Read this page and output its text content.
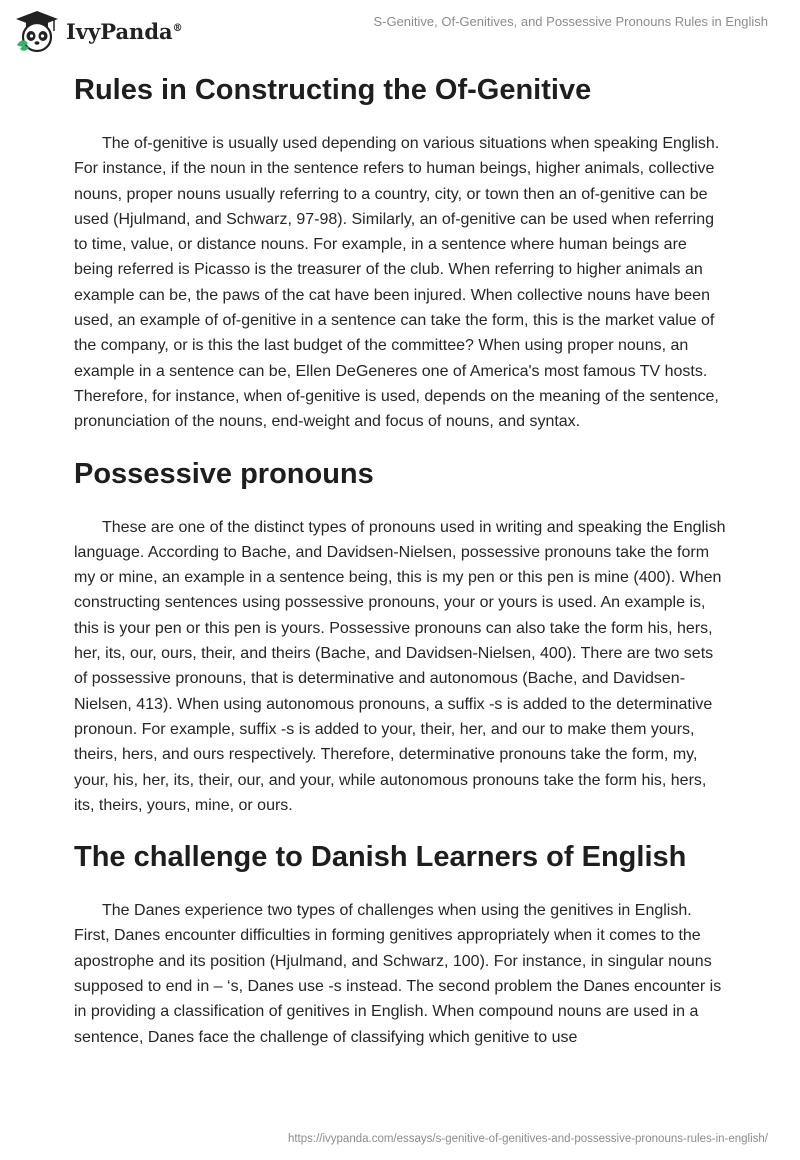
IvyPanda®	S-Genitive, Of-Genitives, and Possessive Pronouns Rules in English
Rules in Constructing the Of-Genitive

The of-genitive is usually used depending on various situations when speaking English. For instance, if the noun in the sentence refers to human beings, higher animals, collective nouns, proper nouns usually referring to a country, city, or town then an of-genitive can be used (Hjulmand, and Schwarz, 97-98). Similarly, an of-genitive can be used when referring to time, value, or distance nouns. For example, in a sentence where human beings are being referred is Picasso is the treasurer of the club. When referring to higher animals an example can be, the paws of the cat have been injured. When collective nouns have been used, an example of of-genitive in a sentence can take the form, this is the market value of the company, or is this the last budget of the committee? When using proper nouns, an example in a sentence can be, Ellen DeGeneres one of America's most famous TV hosts. Therefore, for instance, when of-genitive is used, depends on the meaning of the sentence, pronunciation of the nouns, end-weight and focus of nouns, and syntax.

Possessive pronouns

These are one of the distinct types of pronouns used in writing and speaking the English language. According to Bache, and Davidsen-Nielsen, possessive pronouns take the form my or mine, an example in a sentence being, this is my pen or this pen is mine (400). When constructing sentences using possessive pronouns, your or yours is used. An example is, this is your pen or this pen is yours. Possessive pronouns can also take the form his, hers, her, its, our, ours, their, and theirs (Bache, and Davidsen-Nielsen, 400). There are two sets of possessive pronouns, that is determinative and autonomous (Bache, and Davidsen-Nielsen, 413). When using autonomous pronouns, a suffix -s is added to the determinative pronoun. For example, suffix -s is added to your, their, her, and our to make them yours, theirs, hers, and ours respectively. Therefore, determinative pronouns take the form, my, your, his, her, its, their, our, and your, while autonomous pronouns take the form his, hers, its, theirs, yours, mine, or ours.

The challenge to Danish Learners of English

The Danes experience two types of challenges when using the genitives in English. First, Danes encounter difficulties in forming genitives appropriately when it comes to the apostrophe and its position (Hjulmand, and Schwarz, 100). For instance, in singular nouns supposed to end in – ‘s, Danes use -s instead. The second problem the Danes encounter is in providing a classification of genitives in English. When compound nouns are used in a sentence, Danes face the challenge of classifying which genitive to use

https://ivypanda.com/essays/s-genitive-of-genitives-and-possessive-pronouns-rules-in-english/
